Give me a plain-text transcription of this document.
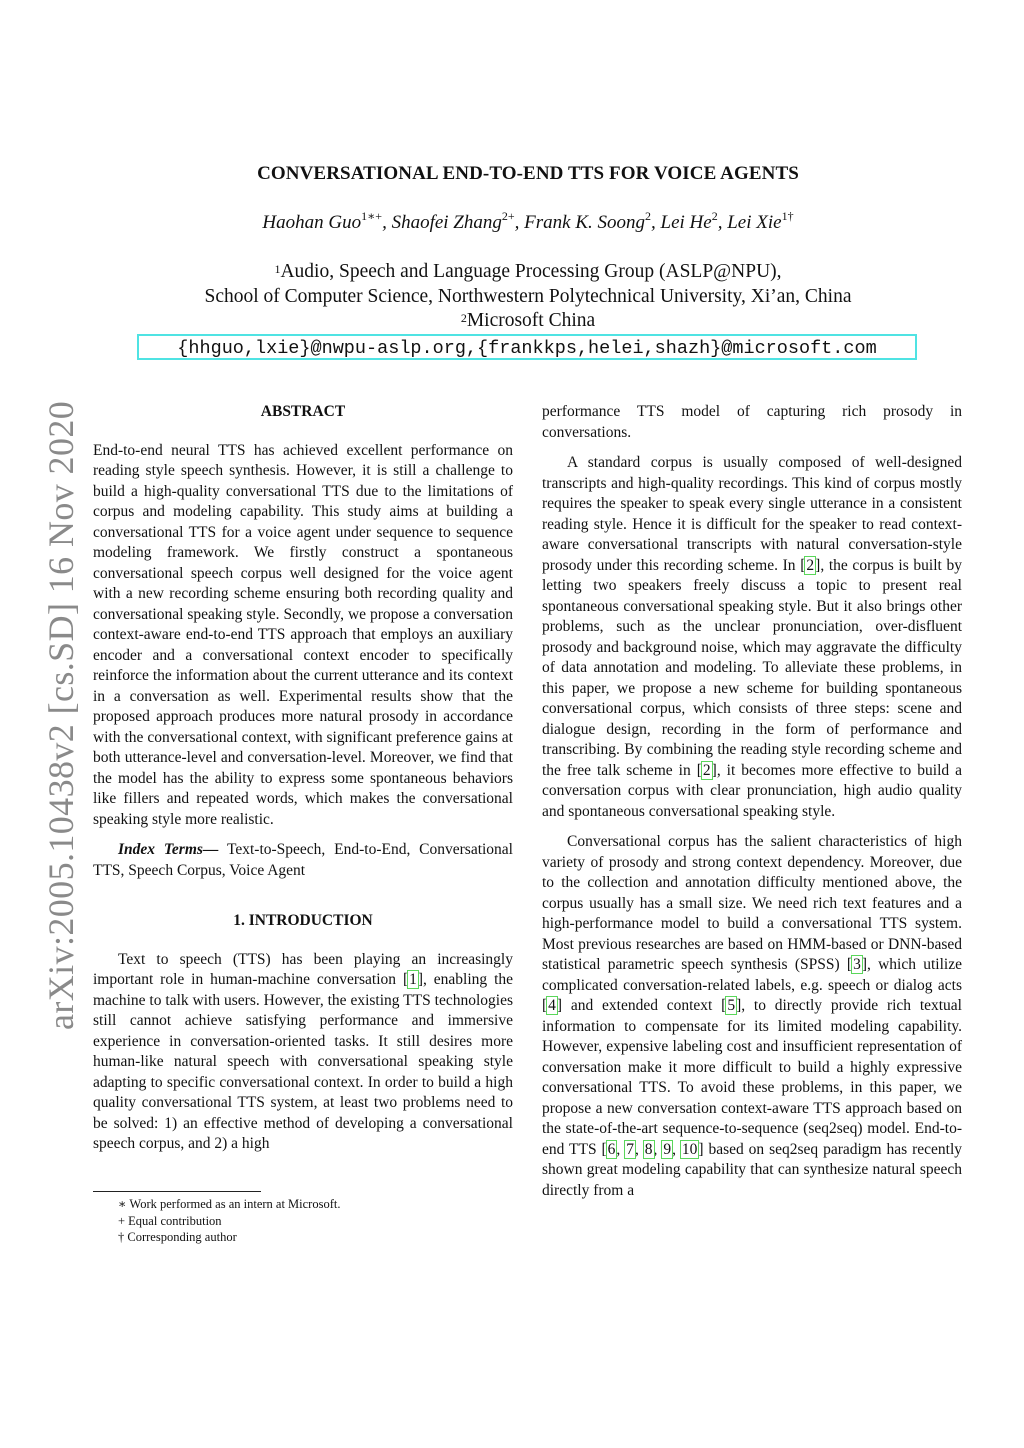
arXiv:2005.10438v2 [cs.SD] 16 Nov 2020
CONVERSATIONAL END-TO-END TTS FOR VOICE AGENTS

Haohan Guo$^{1∗+}$, Shaofei Zhang$^{2+}$, Frank K. Soong$^2$, Lei He$^2$, Lei Xie$^{1\dagger}$

$^1$Audio, Speech and Language Processing Group (ASLP@NPU),
School of Computer Science, Northwestern Polytechnical University, Xi’an, China
$^2$Microsoft China
{hhguo,lxie}@nwpu-aslp.org,{frankkps,helei,shazh}@microsoft.com
ABSTRACT

End-to-end neural TTS has achieved excellent performance on reading style speech synthesis. However, it is still a challenge to build a high-quality conversational TTS due to the limitations of corpus and modeling capability. This study aims at building a conversational TTS for a voice agent under sequence to sequence modeling framework. We firstly construct a spontaneous conversational speech corpus well designed for the voice agent with a new recording scheme ensuring both recording quality and conversational speaking style. Secondly, we propose a conversation context-aware end-to-end TTS approach that employs an auxiliary encoder and a conversational context encoder to specifically reinforce the information about the current utterance and its context in a conversation as well. Experimental results show that the proposed approach produces more natural prosody in accordance with the conversational context, with significant preference gains at both utterance-level and conversation-level. Moreover, we find that the model has the ability to express some spontaneous behaviors like fillers and repeated words, which makes the conversational speaking style more realistic.

Index Terms— Text-to-Speech, End-to-End, Conversational TTS, Speech Corpus, Voice Agent

1. INTRODUCTION

Text to speech (TTS) has been playing an increasingly important role in human-machine conversation [1], enabling the machine to talk with users. However, the existing TTS technologies still cannot achieve satisfying performance and immersive experience in conversation-oriented tasks. It still desires more human-like natural speech with conversational speaking style adapting to specific conversational context. In order to build a high quality conversational TTS system, at least two problems need to be solved: 1) an effective method of developing a conversational speech corpus, and 2) a high

∗ Work performed as an intern at Microsoft.
+ Equal contribution
† Corresponding author

performance TTS model of capturing rich prosody in conversations.

A standard corpus is usually composed of well-designed transcripts and high-quality recordings. This kind of corpus mostly requires the speaker to speak every single utterance in a consistent reading style. Hence it is difficult for the speaker to read context-aware conversational transcripts with natural conversation-style prosody under this recording scheme. In [2], the corpus is built by letting two speakers freely discuss a topic to present real spontaneous conversational speaking style. But it also brings other problems, such as the unclear pronunciation, over-disfluent prosody and background noise, which may aggravate the difficulty of data annotation and modeling. To alleviate these problems, in this paper, we propose a new scheme for building spontaneous conversational corpus, which consists of three steps: scene and dialogue design, recording in the form of performance and transcribing. By combining the reading style recording scheme and the free talk scheme in [2], it becomes more effective to build a conversation corpus with clear pronunciation, high audio quality and spontaneous conversational speaking style.

Conversational corpus has the salient characteristics of high variety of prosody and strong context dependency. Moreover, due to the collection and annotation difficulty mentioned above, the corpus usually has a small size. We need rich text features and a high-performance model to build a conversational TTS system. Most previous researches are based on HMM-based or DNN-based statistical parametric speech synthesis (SPSS) [3], which utilize complicated conversation-related labels, e.g. speech or dialog acts [4] and extended context [5], to directly provide rich textual information to compensate for its limited modeling capability. However, expensive labeling cost and insufficient representation of conversation make it more difficult to build a highly expressive conversational TTS. To avoid these problems, in this paper, we propose a new conversation context-aware TTS approach based on the state-of-the-art sequence-to-sequence (seq2seq) model. End-to-end TTS [6, 7, 8, 9, 10] based on seq2seq paradigm has recently shown great modeling capability that can synthesize natural speech directly from a
